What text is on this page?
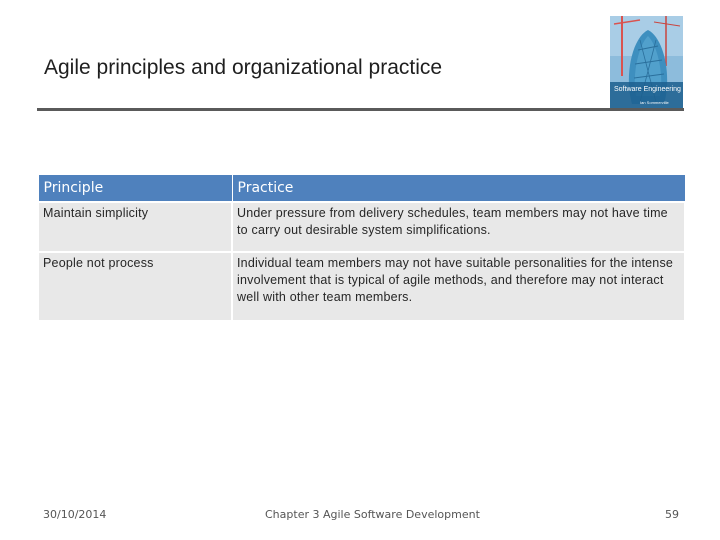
Agile principles and organizational practice
Software Engineering
Ian Sommerville
Principle	Practice
Maintain simplicity	Under pressure from delivery schedules, team members may not have time to carry out desirable system simplifications.
People not process	Individual team members may not have suitable personalities for the intense involvement that is typical of agile methods, and therefore may not interact well with other team members.
30/10/2014	Chapter 3 Agile Software Development	59
